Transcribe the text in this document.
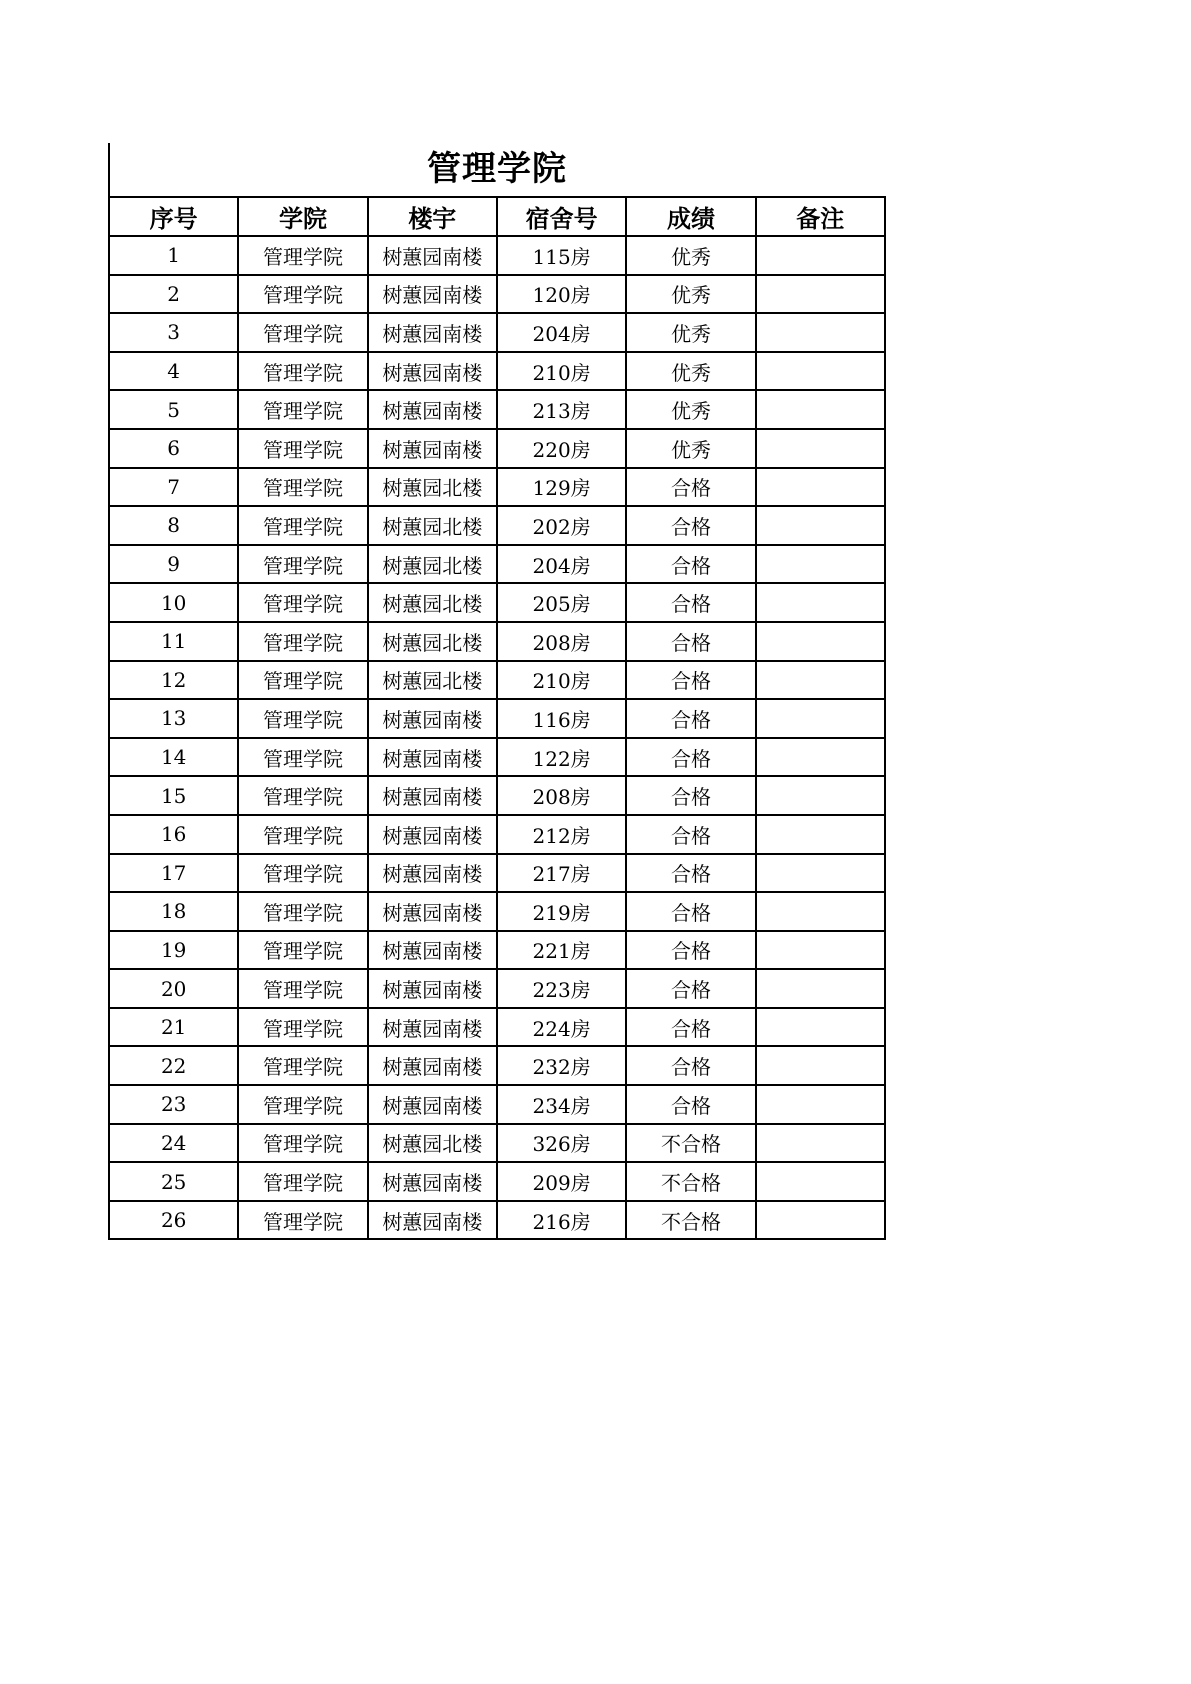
管理学院
序号	学院	楼宇	宿舍号	成绩	备注
1	管理学院	树蕙园南楼	115房	优秀	
2	管理学院	树蕙园南楼	120房	优秀	
3	管理学院	树蕙园南楼	204房	优秀	
4	管理学院	树蕙园南楼	210房	优秀	
5	管理学院	树蕙园南楼	213房	优秀	
6	管理学院	树蕙园南楼	220房	优秀	
7	管理学院	树蕙园北楼	129房	合格	
8	管理学院	树蕙园北楼	202房	合格	
9	管理学院	树蕙园北楼	204房	合格	
10	管理学院	树蕙园北楼	205房	合格	
11	管理学院	树蕙园北楼	208房	合格	
12	管理学院	树蕙园北楼	210房	合格	
13	管理学院	树蕙园南楼	116房	合格	
14	管理学院	树蕙园南楼	122房	合格	
15	管理学院	树蕙园南楼	208房	合格	
16	管理学院	树蕙园南楼	212房	合格	
17	管理学院	树蕙园南楼	217房	合格	
18	管理学院	树蕙园南楼	219房	合格	
19	管理学院	树蕙园南楼	221房	合格	
20	管理学院	树蕙园南楼	223房	合格	
21	管理学院	树蕙园南楼	224房	合格	
22	管理学院	树蕙园南楼	232房	合格	
23	管理学院	树蕙园南楼	234房	合格	
24	管理学院	树蕙园北楼	326房	不合格	
25	管理学院	树蕙园南楼	209房	不合格	
26	管理学院	树蕙园南楼	216房	不合格	
